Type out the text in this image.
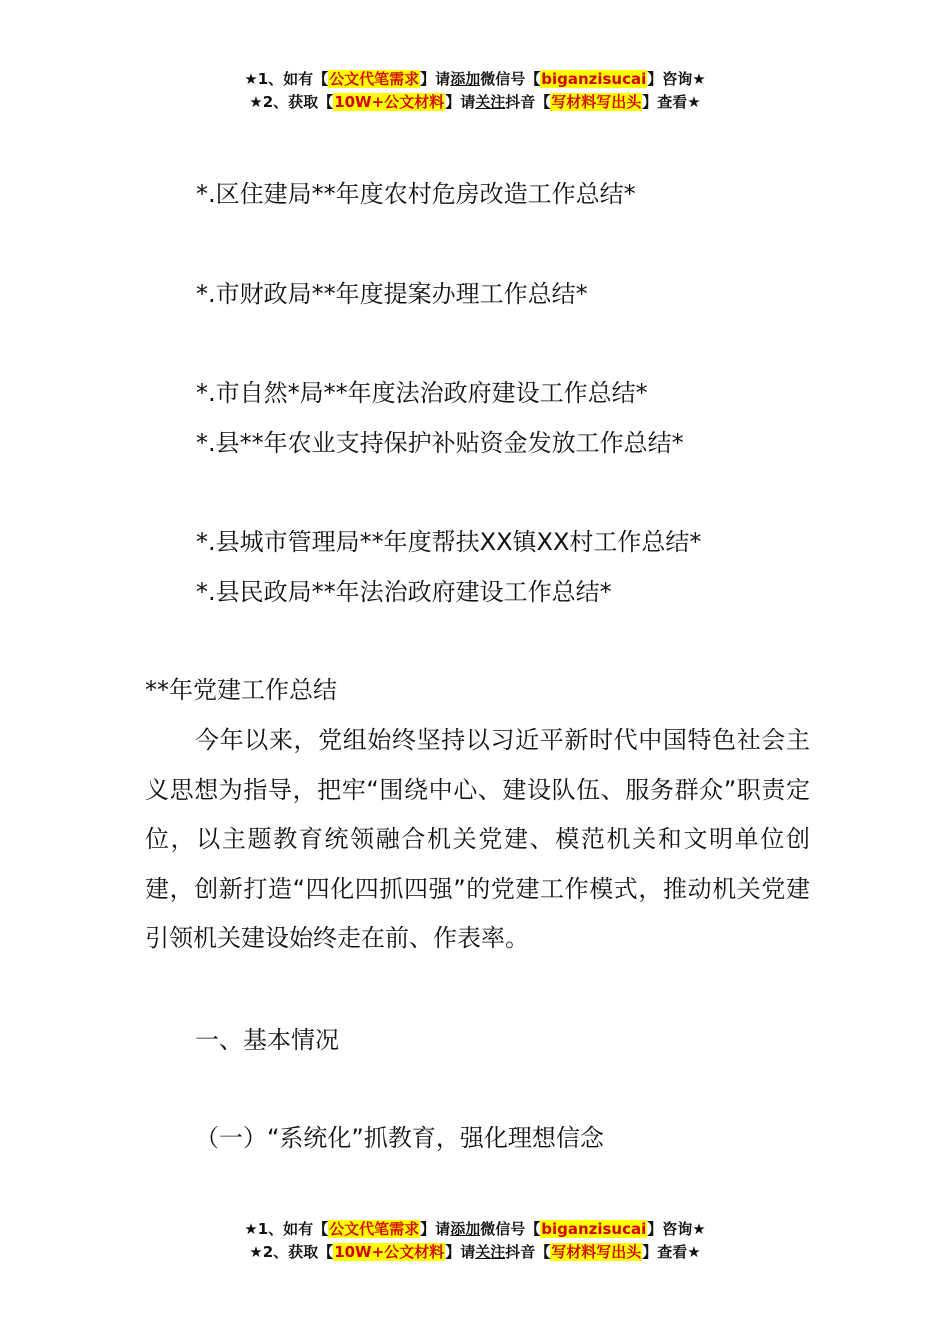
★1、如有【公文代笔需求】请添加微信号【biganzisucai】咨询★
★2、获取【10W+公文材料】请关注抖音【写材料写出头】查看★
*.区住建局**年度农村危房改造工作总结*
*.市财政局**年度提案办理工作总结*
*.市自然*局**年度法治政府建设工作总结*
*.县**年农业支持保护补贴资金发放工作总结*
*.县城市管理局**年度帮扶XX镇XX村工作总结*
*.县民政局**年法治政府建设工作总结*
**年党建工作总结

今年以来，党组始终坚持以习近平新时代中国特色社会主义思想为指导，把牢“围绕中心、建设队伍、服务群众”职责定位，以主题教育统领融合机关党建、模范机关和文明单位创建，创新打造“四化四抓四强”的党建工作模式，推动机关党建引领机关建设始终走在前、作表率。

一、基本情况
（一）“系统化”抓教育，强化理想信念
★1、如有【公文代笔需求】请添加微信号【biganzisucai】咨询★
★2、获取【10W+公文材料】请关注抖音【写材料写出头】查看★
